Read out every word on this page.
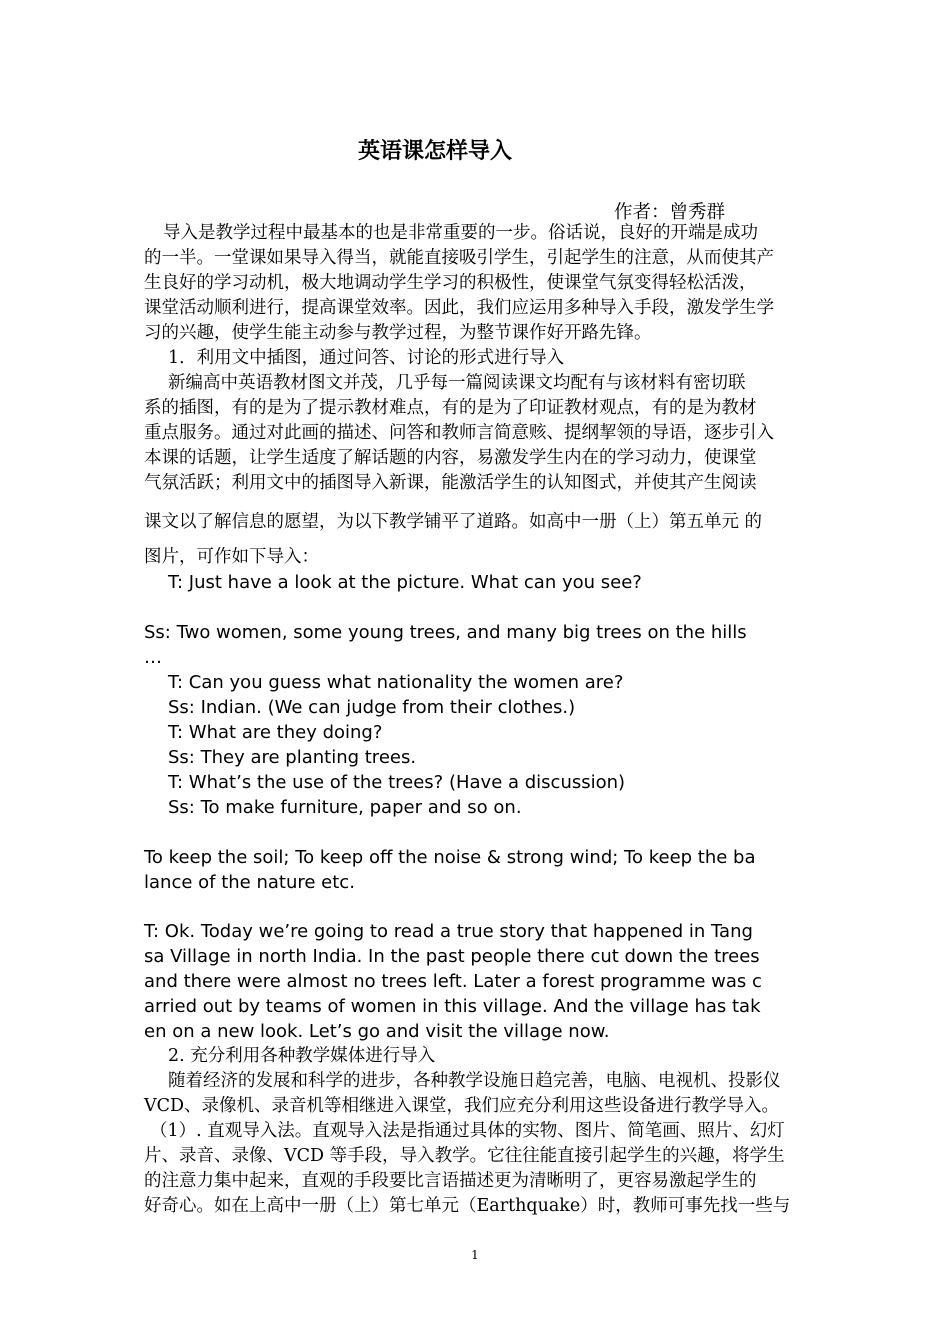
英语课怎样导入
作者：曾秀群
导入是教学过程中最基本的也是非常重要的一步。俗话说，良好的开端是成功
的一半。一堂课如果导入得当，就能直接吸引学生，引起学生的注意，从而使其产
生良好的学习动机，极大地调动学生学习的积极性，使课堂气氛变得轻松活泼，
课堂活动顺利进行，提高课堂效率。因此，我们应运用多种导入手段，激发学生学
习的兴趣，使学生能主动参与教学过程，为整节课作好开路先锋。
1．利用文中插图，通过问答、讨论的形式进行导入
新编高中英语教材图文并茂，几乎每一篇阅读课文均配有与该材料有密切联
系的插图，有的是为了提示教材难点，有的是为了印证教材观点，有的是为教材
重点服务。通过对此画的描述、问答和教师言简意赅、提纲挈领的导语，逐步引入
本课的话题，让学生适度了解话题的内容，易激发学生内在的学习动力，使课堂
气氛活跃；利用文中的插图导入新课，能激活学生的认知图式，并使其产生阅读
课文以了解信息的愿望，为以下教学铺平了道路。如高中一册（上）第五单元 的
图片，可作如下导入：
T: Just have a look at the picture. What can you see?
Ss: Two women, some young trees, and many big trees on the hills
…
T: Can you guess what nationality the women are?
Ss: Indian. (We can judge from their clothes.)
T: What are they doing?
Ss: They are planting trees.
T: What’s the use of the trees? (Have a discussion)
Ss: To make furniture, paper and so on.
To keep the soil; To keep off the noise & strong wind; To keep the ba
lance of the nature etc.
T: Ok. Today we’re going to read a true story that happened in Tang
sa Village in north India. In the past people there cut down the trees
and there were almost no trees left. Later a forest programme was c
arried out by teams of women in this village. And the village has tak
en on a new look. Let’s go and visit the village now.
2. 充分利用各种教学媒体进行导入
随着经济的发展和科学的进步，各种教学设施日趋完善，电脑、电视机、投影仪
VCD、录像机、录音机等相继进入课堂，我们应充分利用这些设备进行教学导入。
（1）. 直观导入法。直观导入法是指通过具体的实物、图片、简笔画、照片、幻灯
片、录音、录像、VCD 等手段，导入教学。它往往能直接引起学生的兴趣，将学生
的注意力集中起来，直观的手段要比言语描述更为清晰明了，更容易激起学生的
好奇心。如在上高中一册（上）第七单元（Earthquake）时，教师可事先找一些与
1
